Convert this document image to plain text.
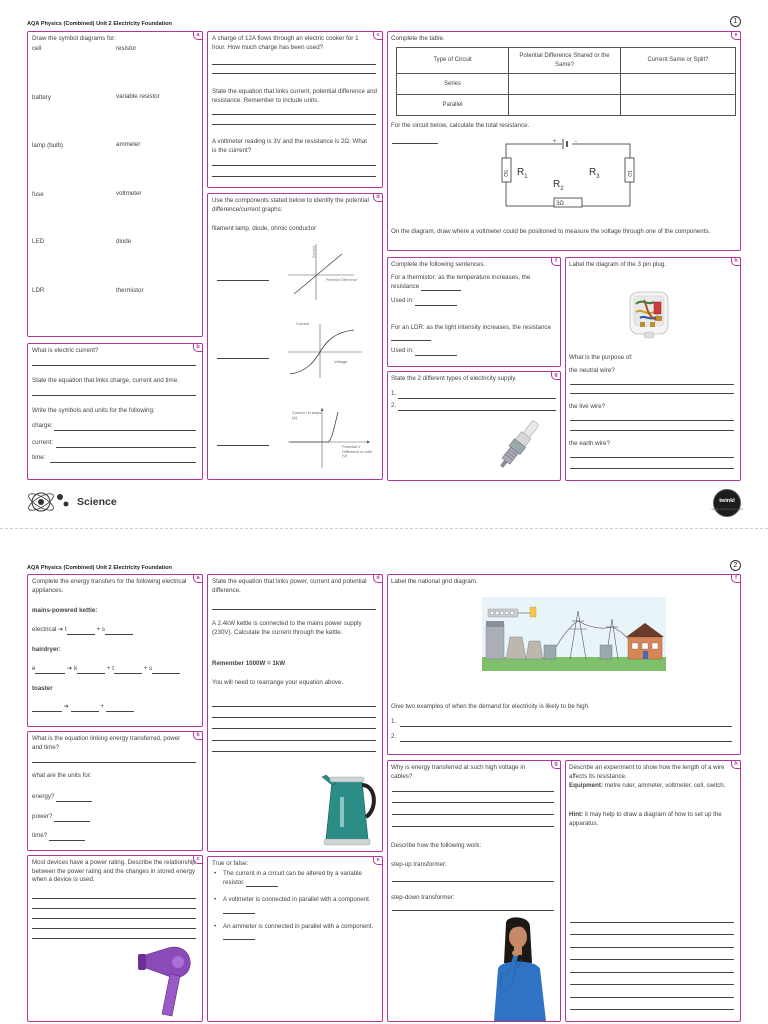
AQA Physics (Combined) Unit 2 Electricity Foundation	1
a
Draw the symbol diagrams for:
cell	resistor
battery	variable resistor
lamp (bulb)	ammeter
fuse	voltmeter
LED	diode
LDR	thermistor
b
What is electric current?
State the equation that links charge, current and time.
Write the symbols and units for the following:
charge:
current:
time:
c
A charge of 12A flows through an electric cooker for 1 hour. How much charge has been used?
State the equation that links current, potential difference and resistance. Remember to include units.
A voltmeter reading is 3V and the resistance is 2Ω. What is the current?
d
Use the components stated below to identify the potential difference/current graphs:
filament lamp, diode, ohmic conductor
Current
Potential Difference
Current
Voltage
Current I in amps (A)
Potential V Difference in volts (V)
e
Complete the table.
Type of Circuit	Potential Difference Shared or the Same?	Current Same or Split?
Series		
Parallel		
For the circuit below, calculate the total resistance.
+	-
5Ω $R_1$
$R_2$
3Ω
$R_3$
1Ω
On the diagram, draw where a voltmeter could be positioned to measure the voltage through one of the components.
f
Complete the following sentences.
For a thermistor: as the temperature increases, the resistance
Used in:
For an LDR: as the light intensity increases, the resistance
Used in:
g
State the 2 different types of electricity supply.
1.
2.
h
Label the diagram of the 3 pin plug.
What is the purpose of:
the neutral wire?
the live wire?
the earth wire?
Science	twinkl
Quality Standard Approved
AQA Physics (Combined) Unit 2 Electricity Foundation	2
a
Complete the energy transfers for the following electrical appliances.
mains-powered kettle:
electrical ➔ t	+ s
hairdryer:
e	➔ k	+ t	+ s
toaster
➔	+
b
What is the equation linking energy transferred, power and time?
what are the units for:
energy?
power?
time?
c
Most devices have a power rating. Describe the relationship between the power rating and the changes in stored energy when a device is used.
d
State the equation that links power, current and potential difference.
A 2.4kW kettle is connected to the mains power supply (230V). Calculate the current through the kettle.
Remember 1000W = 1kW
You will need to rearrange your equation above.
e
True or false:
• The current in a circuit can be altered by a variable resistor.
• A voltmeter is connected in parallel with a component.
• An ammeter is connected in parallel with a component.
f
Label the national grid diagram.
Give two examples of when the demand for electricity is likely to be high.
1.
2.
g
Why is energy transferred at such high voltage in cables?
Describe how the following work:
step-up transformer:
step-down transformer:
h
Describe an experiment to show how the length of a wire affects its resistance.
Equipment: metre ruler, ammeter, voltmeter, cell, switch.
Hint: it may help to draw a diagram of how to set up the apparatus.
